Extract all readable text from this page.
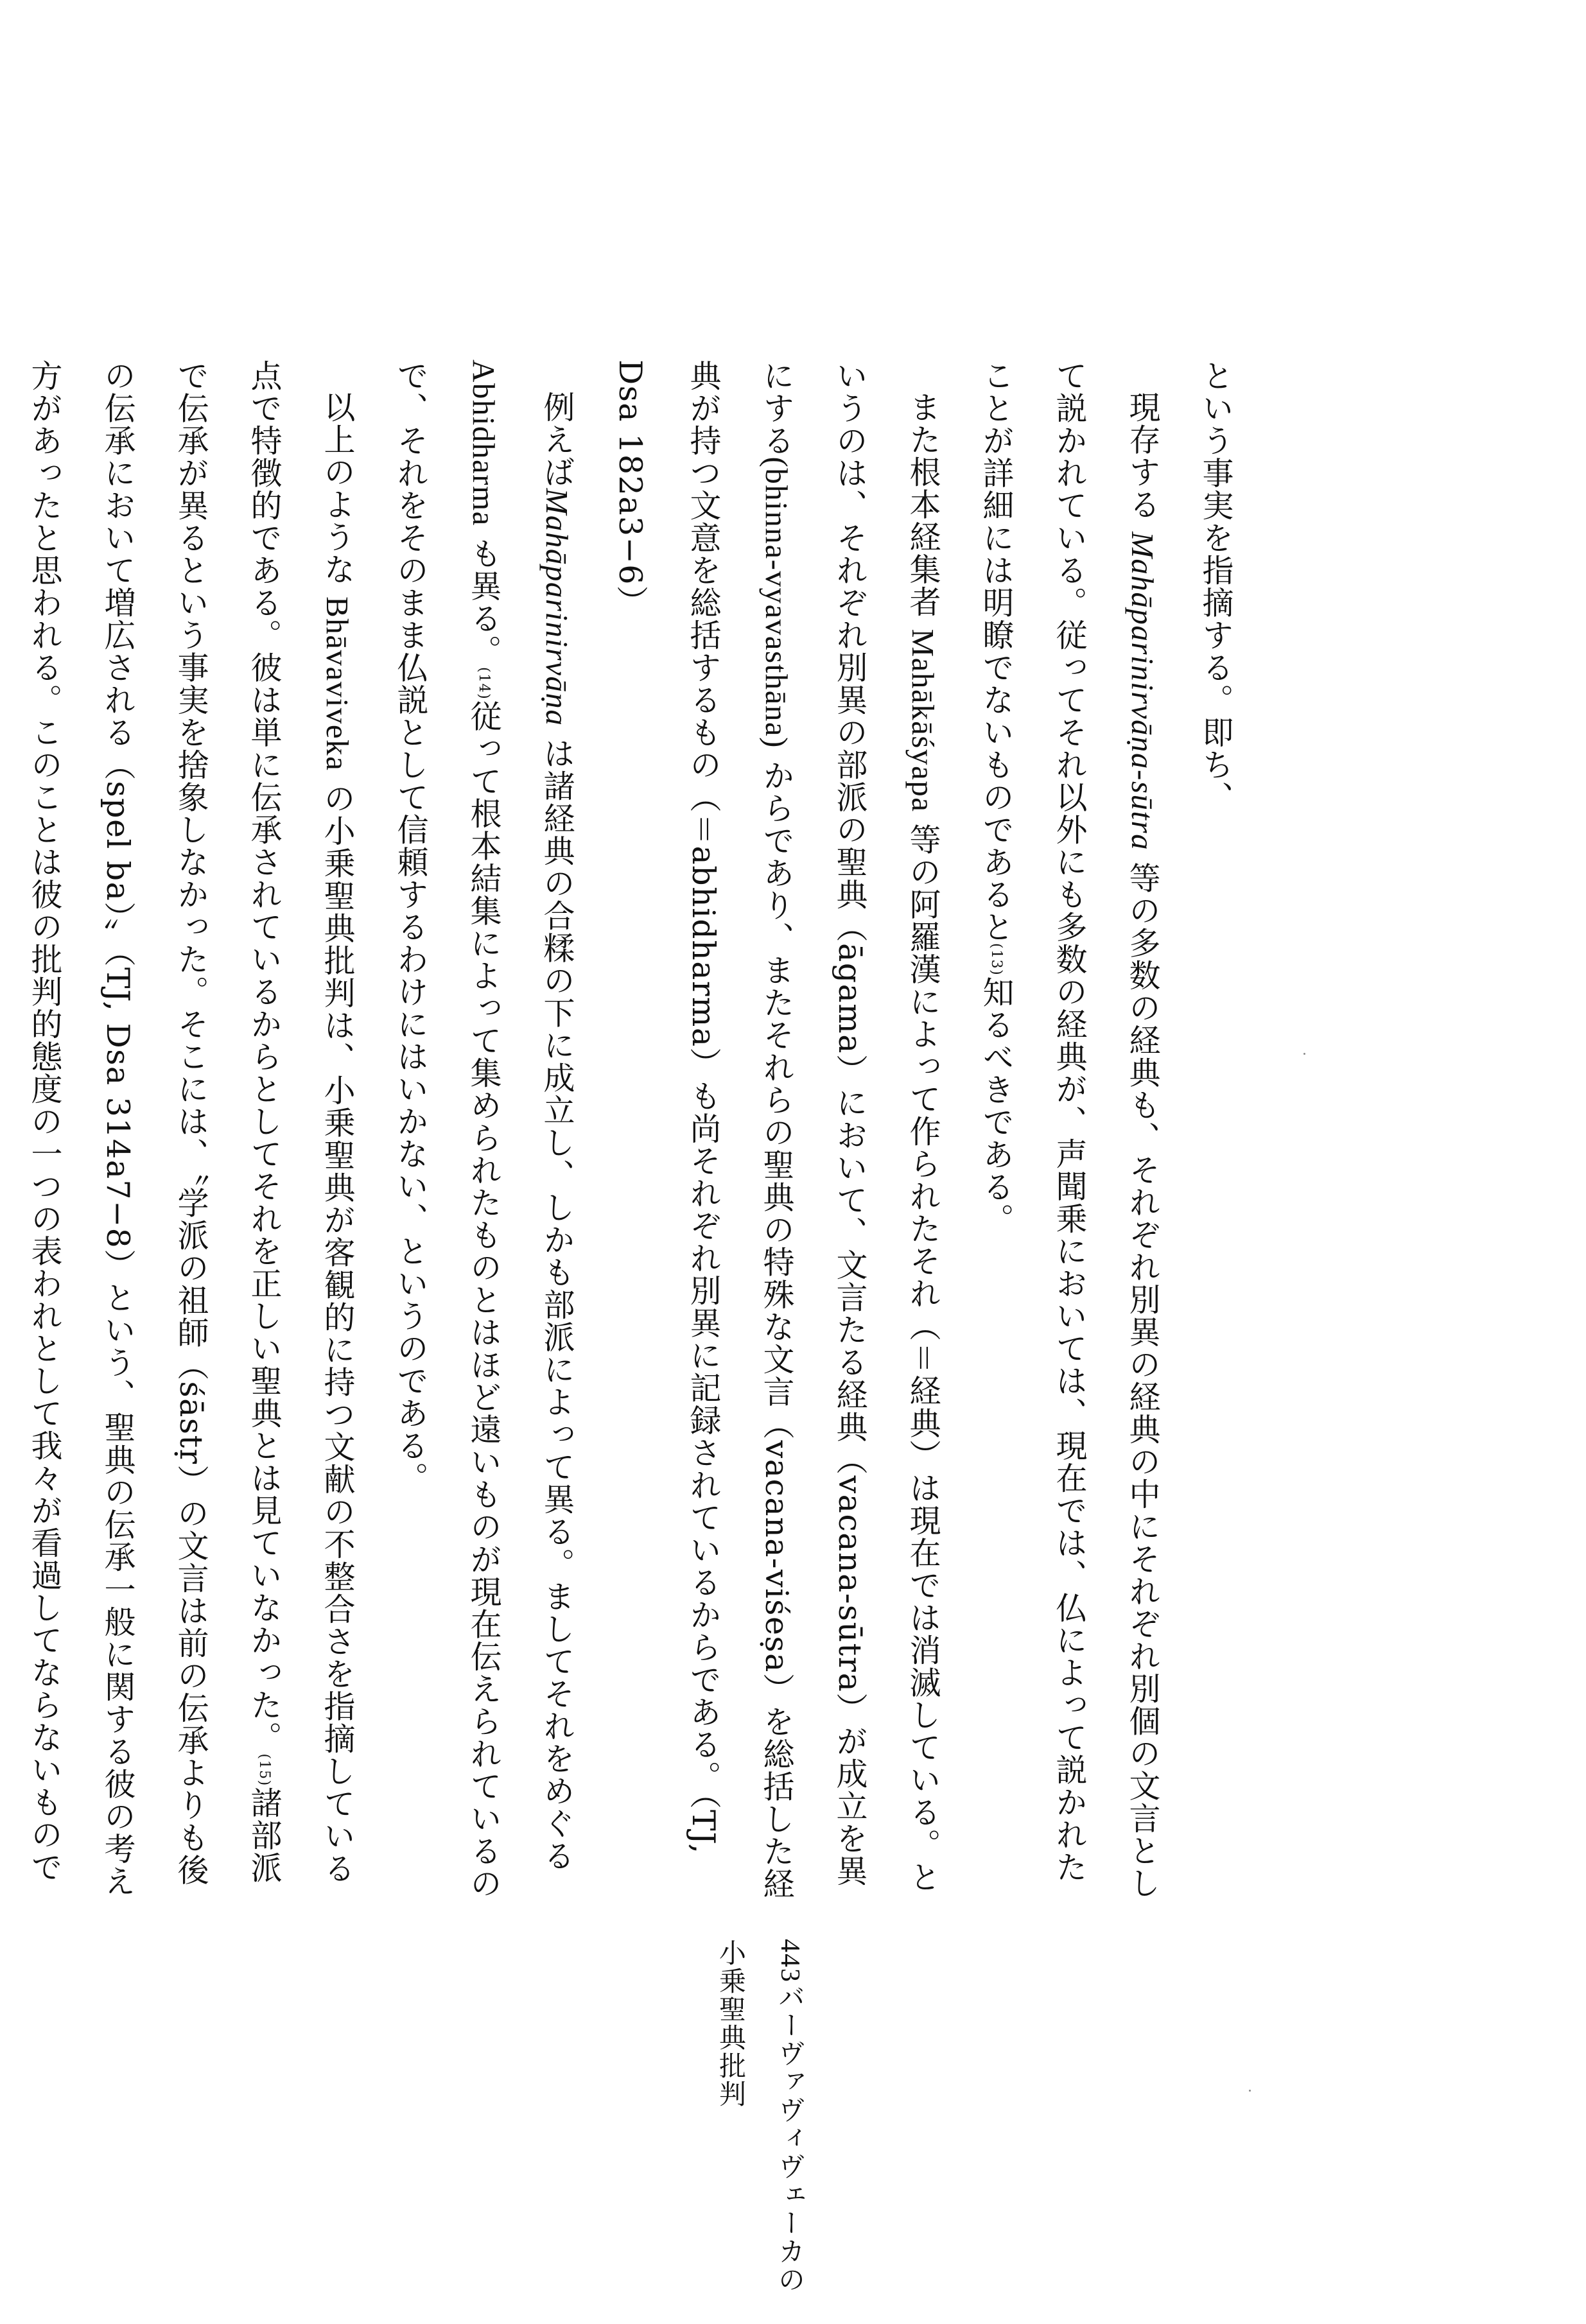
という事実を指摘する。即ち、

現存する Mahāparinirvāṇa-sūtra 等の多数の経典も、それぞれ別異の経典の中にそれぞれ別個の文言として説かれている。従ってそれ以外にも多数の経典が、声聞乗においては、現在では、仏によって説かれたことが詳細には明瞭でないものであると(13)知るべきである。

また根本経集者 Mahākāśyapa 等の阿羅漢によって作られたそれ（＝経典）は現在では消滅している。というのは、それぞれ別異の部派の聖典（āgama）において、文言たる経典（vacana-sūtra）が成立を異にする(bhinna-vyavasthāna) からであり、またそれらの聖典の特殊な文言（vacana-viśeṣa）を総括した経典が持つ文意を総括するもの（＝abhidharma）も尚それぞれ別異に記録されているからである。（TJ, Dsa 182a3−6）

例えばMahāparinirvāṇa は諸経典の合糅の下に成立し、しかも部派によって異る。ましてそれをめぐるAbhidharma も異る。(14)従って根本結集によって集められたものとはほど遠いものが現在伝えられているので、それをそのまま仏説として信頼するわけにはいかない、というのである。

以上のような Bhāvaviveka の小乗聖典批判は、小乗聖典が客観的に持つ文献の不整合さを指摘している点で特徴的である。彼は単に伝承されているからとしてそれを正しい聖典とは見ていなかった。(15)諸部派で伝承が異るという事実を捨象しなかった。そこには、〝学派の祖師（śāstṛ）の文言は前の伝承よりも後の伝承において増広される（spel ba）〟（TJ, Dsa 314a7−8）という、聖典の伝承一般に関する彼の考え方があったと思われる。このことは彼の批判的態度の一つの表われとして我々が看過してならないもので

443バーヴァヴィヴェーカの小乗聖典批判
